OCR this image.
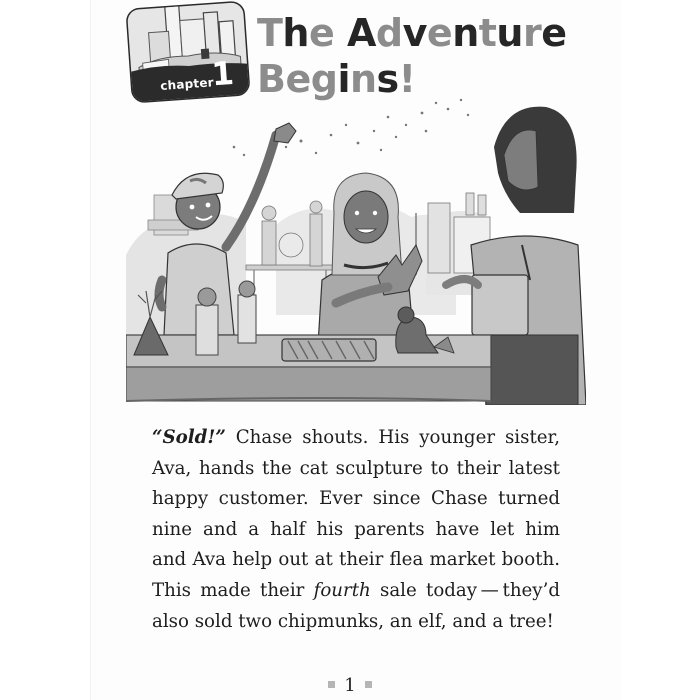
chapter
1
The Adventure
Begins!
“Sold!” Chase shouts. His younger sister,
Ava, hands the cat sculpture to their latest
happy customer. Ever since Chase turned
nine and a half his parents have let him
and Ava help out at their flea market booth.
This made their fourth sale today — they’d
also sold two chipmunks, an elf, and a tree!
1
